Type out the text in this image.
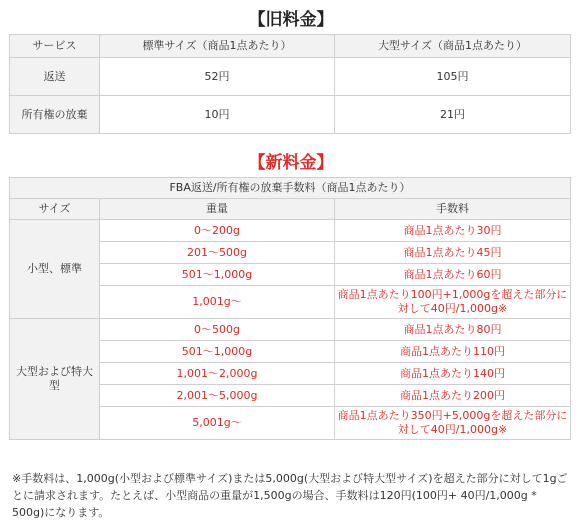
【旧料金】
サービス	標準サイズ（商品1点あたり）	大型サイズ（商品1点あたり）
返送	52円	105円
所有権の放棄	10円	21円
【新料金】
FBA返送/所有権の放棄手数料（商品1点あたり）		
サイズ	重量	手数料
小型、標準	0～200g	商品1点あたり30円
	201～500g	商品1点あたり45円
	501～1,000g	商品1点あたり60円
	1,001g～	商品1点あたり100円+1,000gを超えた部分に対して40円/1,000g※
大型および特大型	0～500g	商品1点あたり80円
	501～1,000g	商品1点あたり110円
	1,001～2,000g	商品1点あたり140円
	2,001～5,000g	商品1点あたり200円
	5,001g～	商品1点あたり350円+5,000gを超えた部分に対して40円/1,000g※
※手数料は、1,000g(小型および標準サイズ)または5,000g(大型および特大型サイズ)を超えた部分に対して1gごとに請求されます。たとえば、小型商品の重量が1,500gの場合、手数料は120円(100円+ 40円/1,000g * 500g)になります。
